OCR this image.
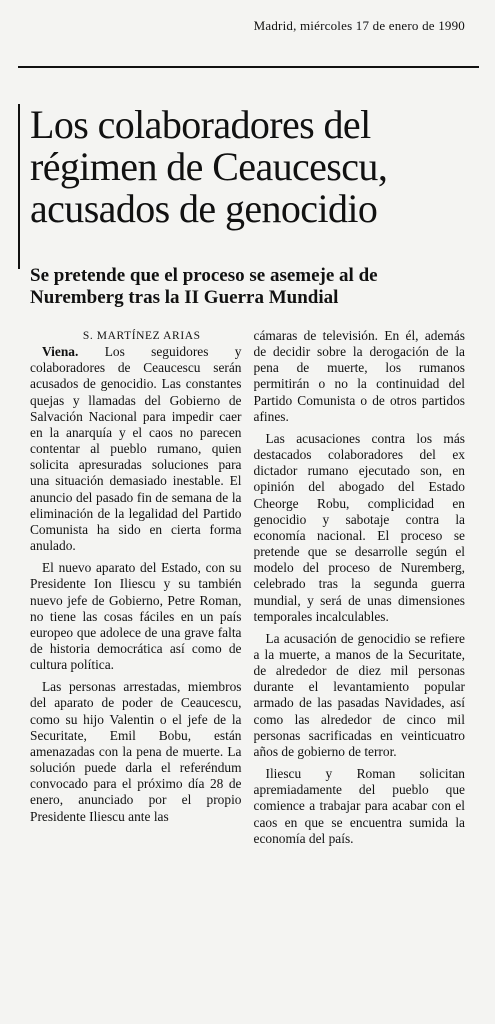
Madrid, miércoles 17 de enero de 1990
Los colaboradores del régimen de Ceaucescu, acusados de genocidio
Se pretende que el proceso se asemeje al de Nuremberg tras la II Guerra Mundial

S. MARTÍNEZ ARIAS

Viena. Los seguidores y colaboradores de Ceaucescu serán acusados de genocidio. Las constantes quejas y llamadas del Gobierno de Salvación Nacional para impedir caer en la anarquía y el caos no parecen contentar al pueblo rumano, quien solicita apresuradas soluciones para una situación demasiado inestable. El anuncio del pasado fin de semana de la eliminación de la legalidad del Partido Comunista ha sido en cierta forma anulado.

El nuevo aparato del Estado, con su Presidente Ion Iliescu y su también nuevo jefe de Gobierno, Petre Roman, no tiene las cosas fáciles en un país europeo que adolece de una grave falta de historia democrática así como de cultura política.

Las personas arrestadas, miembros del aparato de poder de Ceaucescu, como su hijo Valentin o el jefe de la Securitate, Emil Bobu, están amenazadas con la pena de muerte. La solución puede darla el referéndum convocado para el próximo día 28 de enero, anunciado por el propio Presidente Iliescu ante las

cámaras de televisión. En él, además de decidir sobre la derogación de la pena de muerte, los rumanos permitirán o no la continuidad del Partido Comunista o de otros partidos afines.

Las acusaciones contra los más destacados colaboradores del ex dictador rumano ejecutado son, en opinión del abogado del Estado Cheorge Robu, complicidad en genocidio y sabotaje contra la economía nacional. El proceso se pretende que se desarrolle según el modelo del proceso de Nuremberg, celebrado tras la segunda guerra mundial, y será de unas dimensiones temporales incalculables.

La acusación de genocidio se refiere a la muerte, a manos de la Securitate, de alrededor de diez mil personas durante el levantamiento popular armado de las pasadas Navidades, así como las alrededor de cinco mil personas sacrificadas en veinticuatro años de gobierno de terror.

Iliescu y Roman solicitan apremiadamente del pueblo que comience a trabajar para acabar con el caos en que se encuentra sumida la economía del país.
